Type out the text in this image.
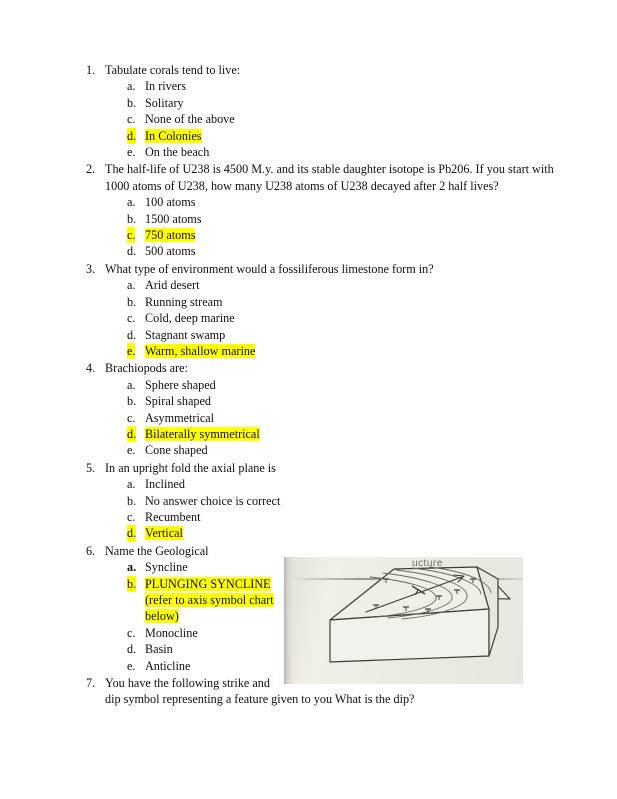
1. Tabulate corals tend to live:
a. In rivers
b. Solitary
c. None of the above
d. In Colonies
e. On the beach
2. The half-life of U238 is 4500 M.y. and its stable daughter isotope is Pb206. If you start with 1000 atoms of U238, how many U238 atoms of U238 decayed after 2 half lives?
a. 100 atoms
b. 1500 atoms
c. 750 atoms
d. 500 atoms
3. What type of environment would a fossiliferous limestone form in?
a. Arid desert
b. Running stream
c. Cold, deep marine
d. Stagnant swamp
e. Warm, shallow marine
4. Brachiopods are:
a. Sphere shaped
b. Spiral shaped
c. Asymmetrical
d. Bilaterally symmetrical
e. Cone shaped
5. In an upright fold the axial plane is
a. Inclined
b. No answer choice is correct
c. Recumbent
d. Vertical
6. Name the Geological
a. Syncline
b. PLUNGING SYNCLINE (refer to axis symbol chart below)
c. Monocline
d. Basin
e. Anticline
7. You have the following strike and
dip symbol representing a feature given to you What is the dip?
ucture
